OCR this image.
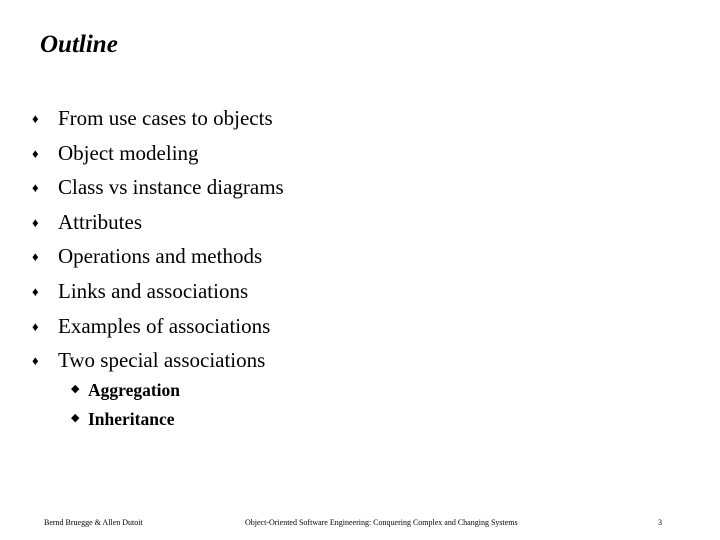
Outline
♦ From use cases to objects
♦ Object modeling
♦ Class vs instance diagrams
♦ Attributes
♦ Operations and methods
♦ Links and associations
♦ Examples of associations
♦ Two special associations
◆ Aggregation
◆ Inheritance
Bernd Bruegge & Allen Dutoit	Object-Oriented Software Engineering: Conquering Complex and Changing Systems	3
